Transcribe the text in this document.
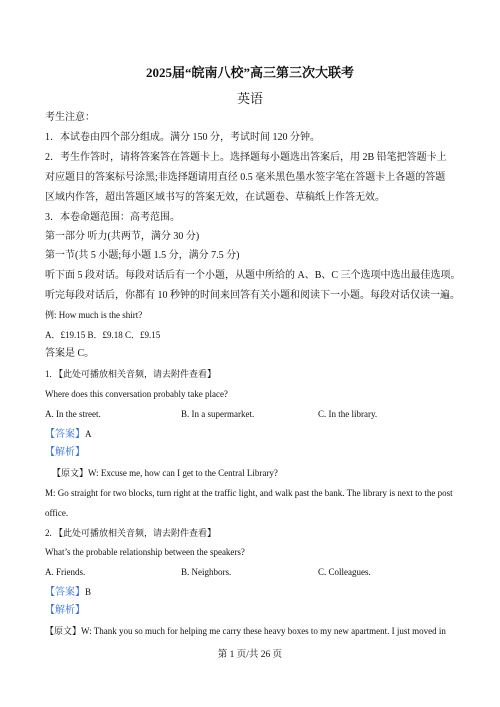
2025届“皖南八校”高三第三次大联考
英语
考生注意：
1．本试卷由四个部分组成。满分 150 分，考试时间 120 分钟。
2．考生作答时，请将答案答在答题卡上。选择题每小题选出答案后，用 2B 铅笔把答题卡上
对应题目的答案标号涂黑;非选择题请用直径 0.5 毫米黑色墨水签字笔在答题卡上各题的答题
区域内作答，超出答题区域书写的答案无效，在试题卷、草稿纸上作答无效。
3．本卷命题范围：高考范围。
第一部分 听力(共两节，满分 30 分)
第一节(共 5 小题;每小题 1.5 分，满分 7.5 分)
听下面 5 段对话。每段对话后有一个小题，从题中所给的 A、B、C 三个选项中选出最佳选项。
听完每段对话后，你都有 10 秒钟的时间来回答有关小题和阅读下一小题。每段对话仅读一遍。
例: How much is the shirt?
A．£19.15 B．£9.18 C．£9.15
答案是 C。
1. 【此处可播放相关音频，请去附件查看】
Where does this conversation probably take place?
A. In the street.	B. In a supermarket.	C. In the library.
【答案】A
【解析】
【原文】W: Excuse me, how can I get to the Central Library?
M: Go straight for two blocks, turn right at the traffic light, and walk past the bank. The library is next to the post
office.
2. 【此处可播放相关音频，请去附件查看】
What’s the probable relationship between the speakers?
A. Friends.	B. Neighbors.	C. Colleagues.
【答案】B
【解析】
【原文】W: Thank you so much for helping me carry these heavy boxes to my new apartment. I just moved in
第 1 页/共 26 页
